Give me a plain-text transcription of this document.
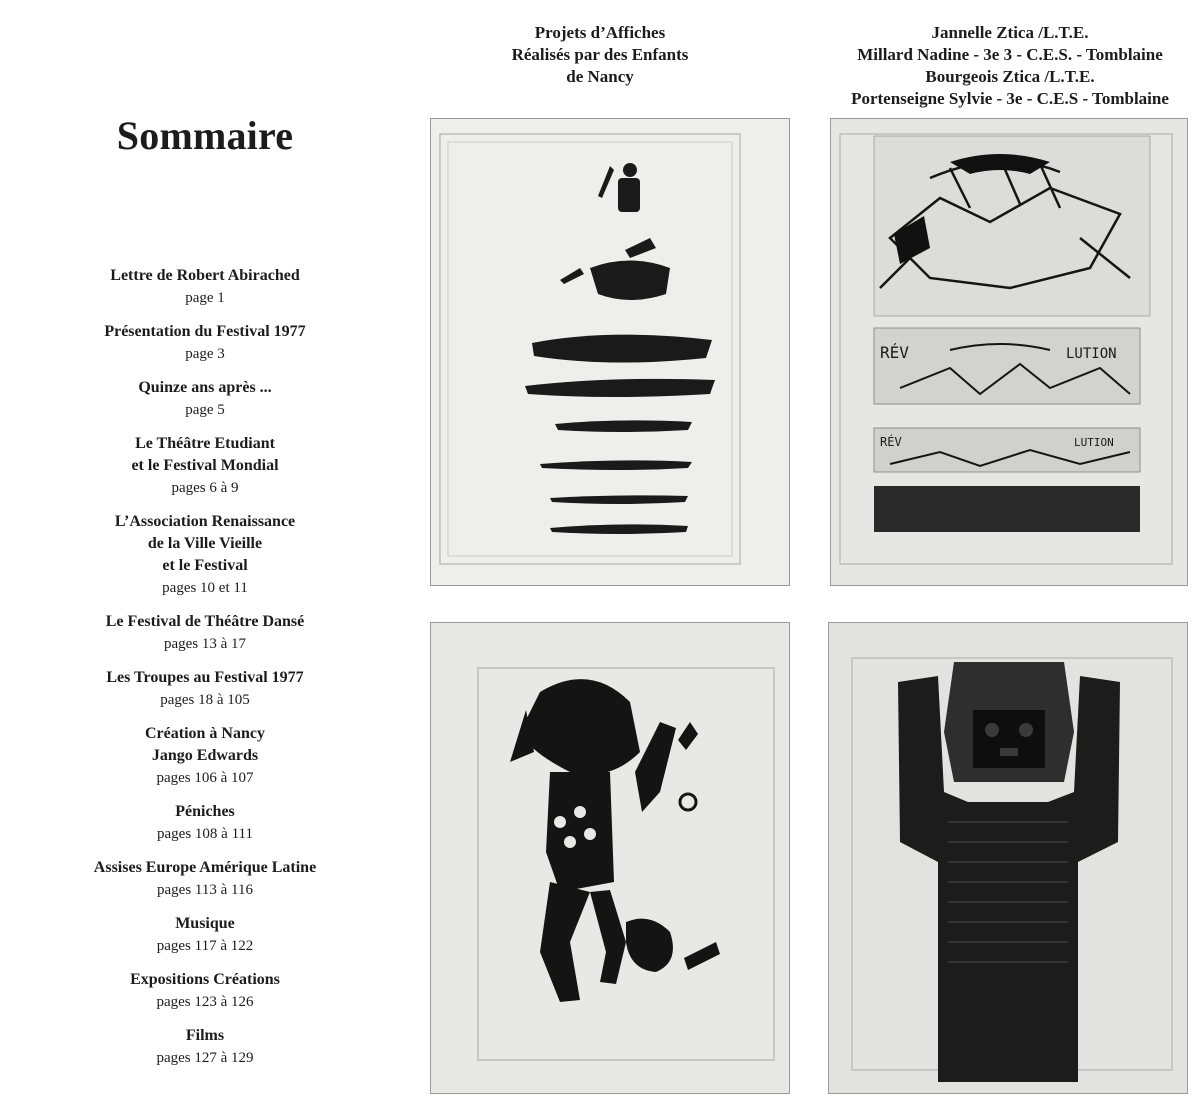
Sommaire
Lettre de Robert Abirached
page 1
Présentation du Festival 1977
page 3
Quinze ans après ...
page 5
Le Théâtre Etudiant
et le Festival Mondial
pages 6 à 9
L’Association Renaissance
de la Ville Vieille
et le Festival
pages 10 et 11
Le Festival de Théâtre Dansé
pages 13 à 17
Les Troupes au Festival 1977
pages 18 à 105
Création à Nancy
Jango Edwards
pages 106 à 107
Péniches
pages 108 à 111
Assises Europe Amérique Latine
pages 113 à 116
Musique
pages 117 à 122
Expositions Créations
pages 123 à 126
Films
pages 127 à 129
Projets d’Affiches
Réalisés par des Enfants
de Nancy
Jannelle Ztica /L.T.E.
Millard Nadine - 3e 3 - C.E.S. - Tomblaine
Bourgeois Ztica /L.T.E.
Portenseigne Sylvie - 3e - C.E.S - Tomblaine
RÉV	LUTION
RÉV	LUTION
